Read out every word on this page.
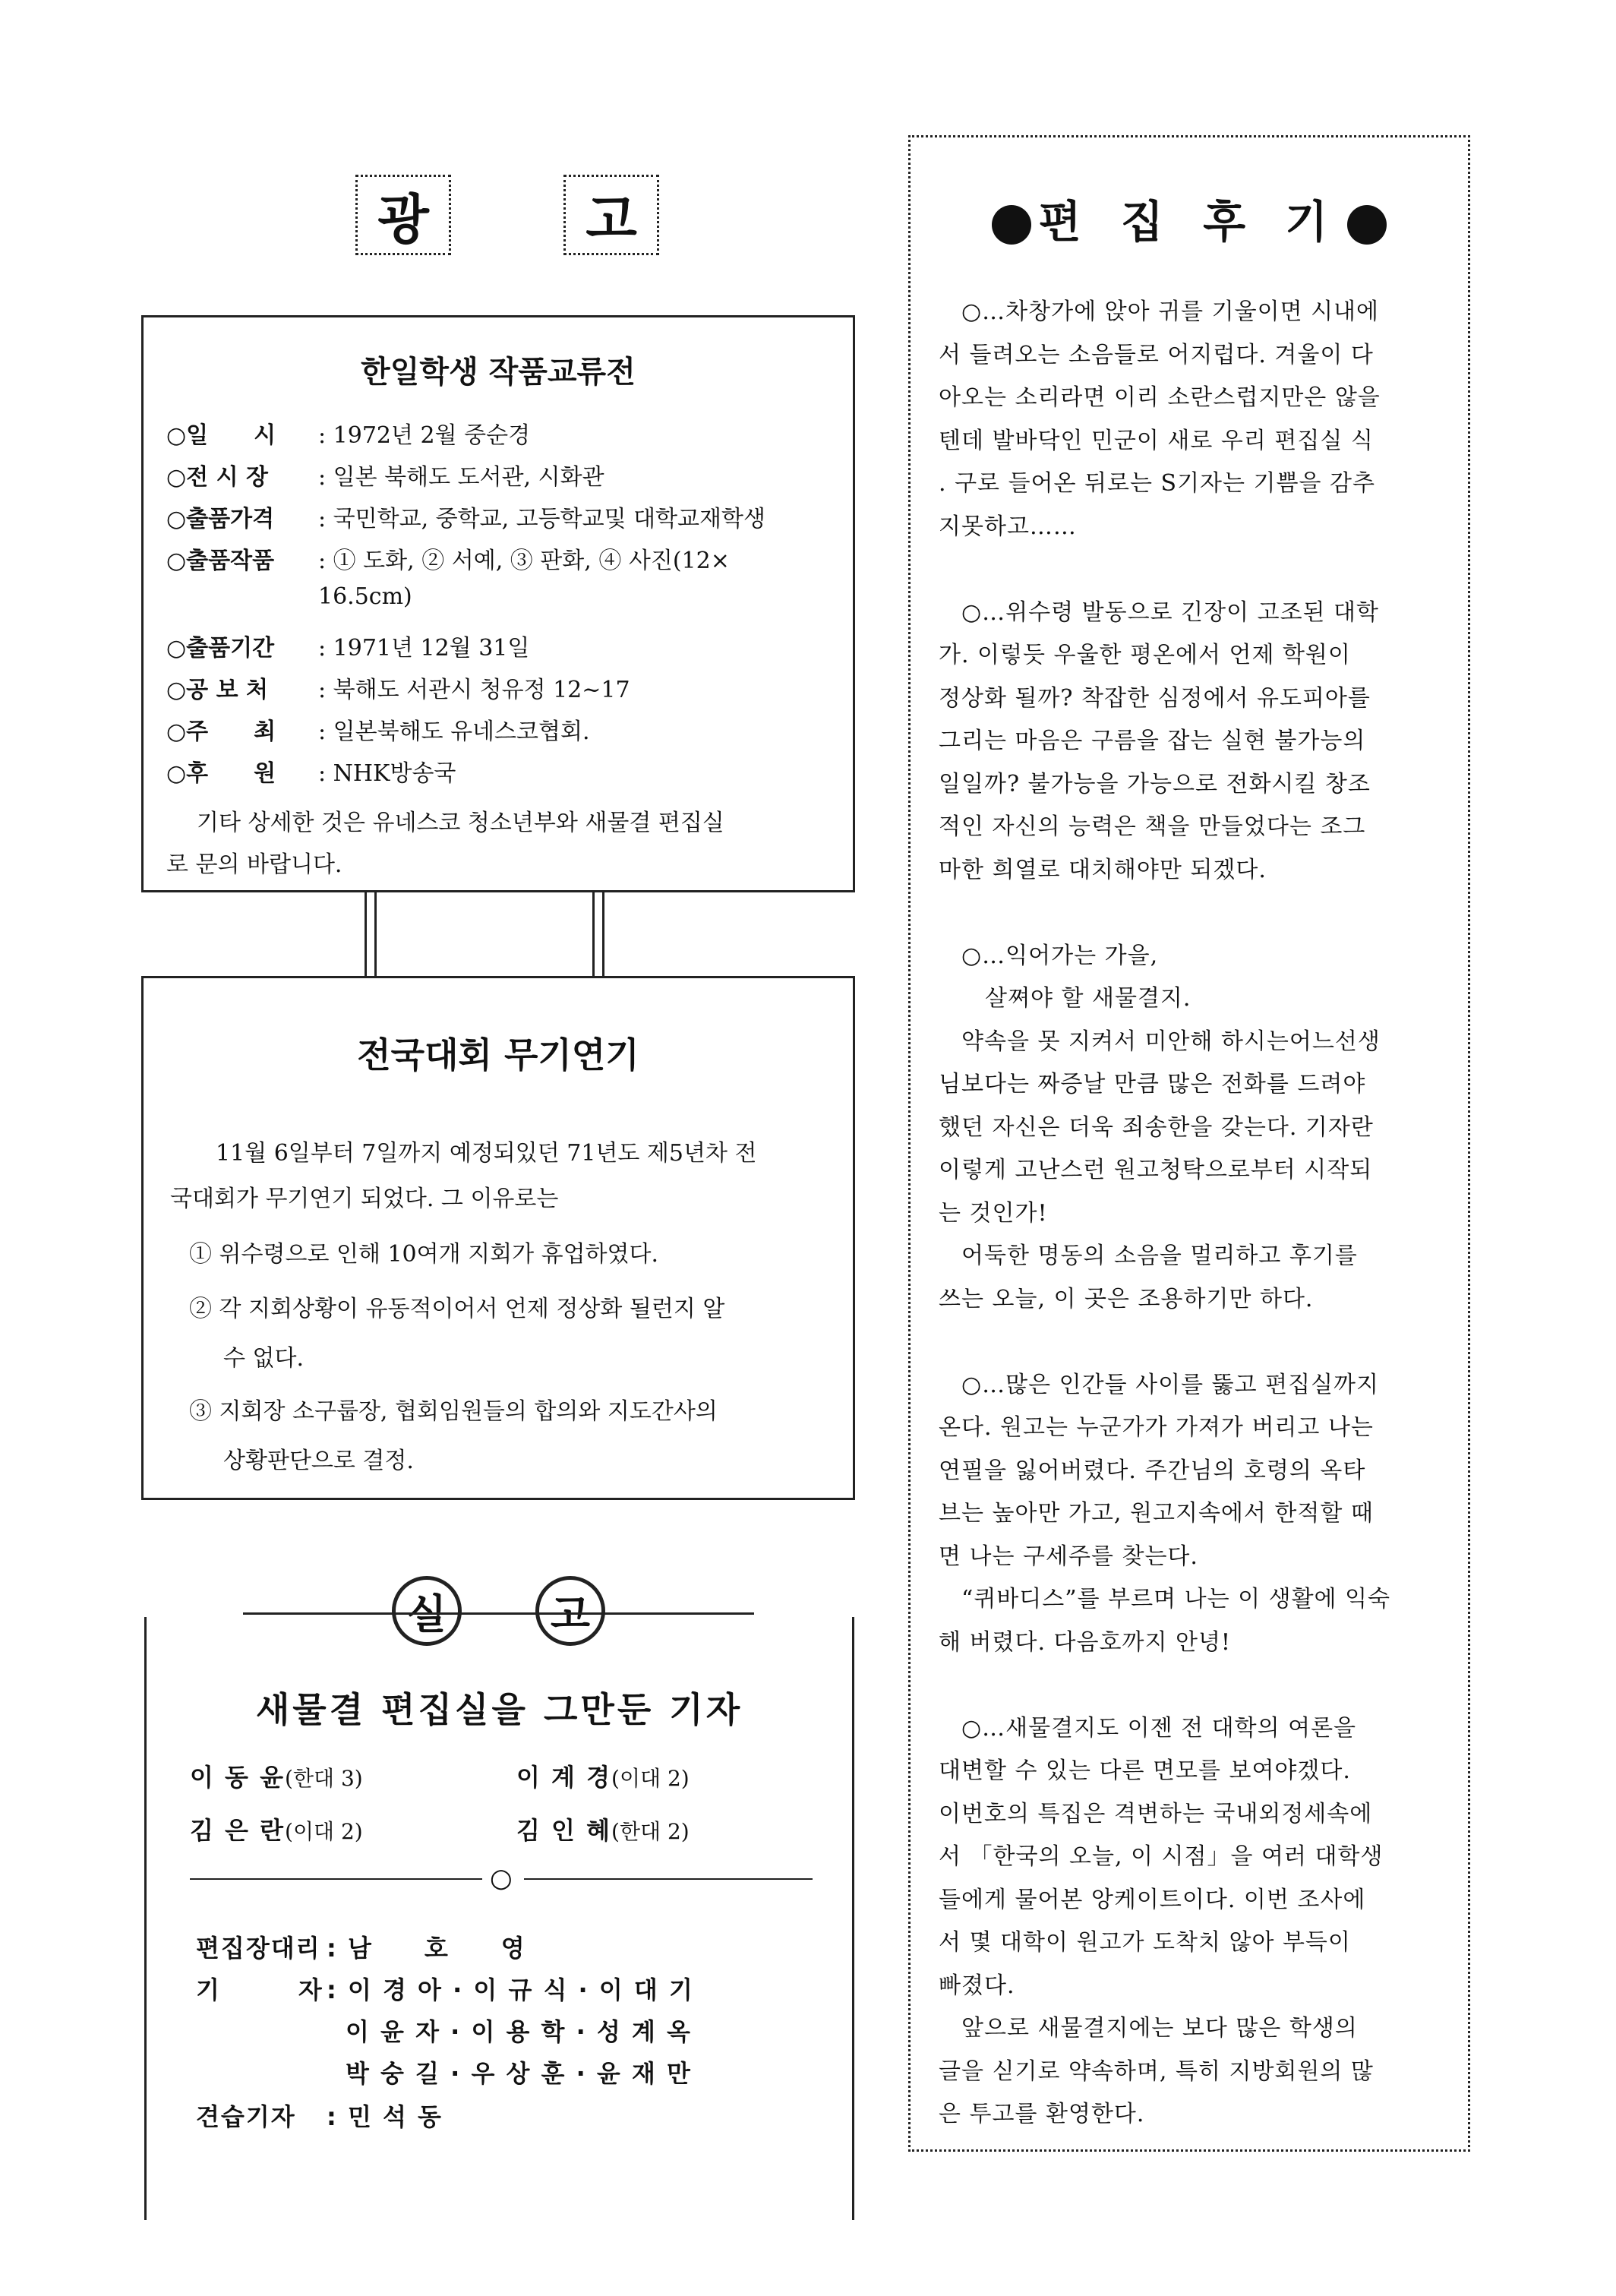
광	고
한일학생 작품교류전
○일　　시 : 1972년 2월 중순경
○전 시 장 : 일본 북해도 도서관, 시화관
○출품가격 : 국민학교, 중학교, 고등학교및 대학교재학생
○출품작품 : ① 도화, ② 서예, ③ 판화, ④ 사진(12×
16.5cm)
○출품기간 : 1971년 12월 31일
○공 보 처 : 북해도 서관시 청유정 12~17
○주　　최 : 일본북해도 유네스코협회.
○후　　원 : NHK방송국
기타 상세한 것은 유네스코 청소년부와 새물결 편집실
로 문의 바랍니다.
전국대회 무기연기
11월 6일부터 7일까지 예정되있던 71년도 제5년차 전
국대회가 무기연기 되었다. 그 이유로는
① 위수령으로 인해 10여개 지회가 휴업하였다.
② 각 지회상황이 유동적이어서 언제 정상화 될런지 알
수 없다.
③ 지회장 소구룹장, 협회임원들의 합의와 지도간사의
상황판단으로 결정.
실	고
새물결 편집실을 그만둔 기자
이 동 윤(한대 3)	이 계 경(이대 2)
김 은 란(이대 2)	김 인 혜(한대 2)
○
편집장대리 : 남　　호　　영
기　　　자 : 이 경 아 · 이 규 식 · 이 대 기
이 윤 자 · 이 용 학 · 성 계 옥
박 숭 길 · 우 상 훈 · 윤 재 만
견습기자 : 민 석 동
편 집 후 기
○…차창가에 앉아 귀를 기울이면 시내에
서 들려오는 소음들로 어지럽다. 겨울이 다
아오는 소리라면 이리 소란스럽지만은 않을
텐데 발바닥인 민군이 새로 우리 편집실 식
. 구로 들어온 뒤로는 S기자는 기쁨을 감추
지못하고……
○…위수령 발동으로 긴장이 고조된 대학
가. 이렇듯 우울한 평온에서 언제 학원이
정상화 될까? 착잡한 심정에서 유도피아를
그리는 마음은 구름을 잡는 실현 불가능의
일일까? 불가능을 가능으로 전화시킬 창조
적인 자신의 능력은 책을 만들었다는 조그
마한 희열로 대치해야만 되겠다.
○…익어가는 가을,
　살쪄야 할 새물결지.
약속을 못 지켜서 미안해 하시는어느선생
님보다는 짜증날 만큼 많은 전화를 드려야
했던 자신은 더욱 죄송한을 갖는다. 기자란
이렇게 고난스런 원고청탁으로부터 시작되
는 것인가!
어둑한 명동의 소음을 멀리하고 후기를
쓰는 오늘, 이 곳은 조용하기만 하다.
○…많은 인간들 사이를 뚫고 편집실까지
온다. 원고는 누군가가 가져가 버리고 나는
연필을 잃어버렸다. 주간님의 호령의 옥타
브는 높아만 가고, 원고지속에서 한적할 때
면 나는 구세주를 찾는다.
“퀴바디스”를 부르며 나는 이 생활에 익숙
해 버렸다. 다음호까지 안녕!
○…새물결지도 이젠 전 대학의 여론을
대변할 수 있는 다른 면모를 보여야겠다.
이번호의 특집은 격변하는 국내외정세속에
서 「한국의 오늘, 이 시점」을 여러 대학생
들에게 물어본 앙케이트이다. 이번 조사에
서 몇 대학이 원고가 도착치 않아 부득이
빠졌다.
앞으로 새물결지에는 보다 많은 학생의
글을 싣기로 약속하며, 특히 지방회원의 많
은 투고를 환영한다.
